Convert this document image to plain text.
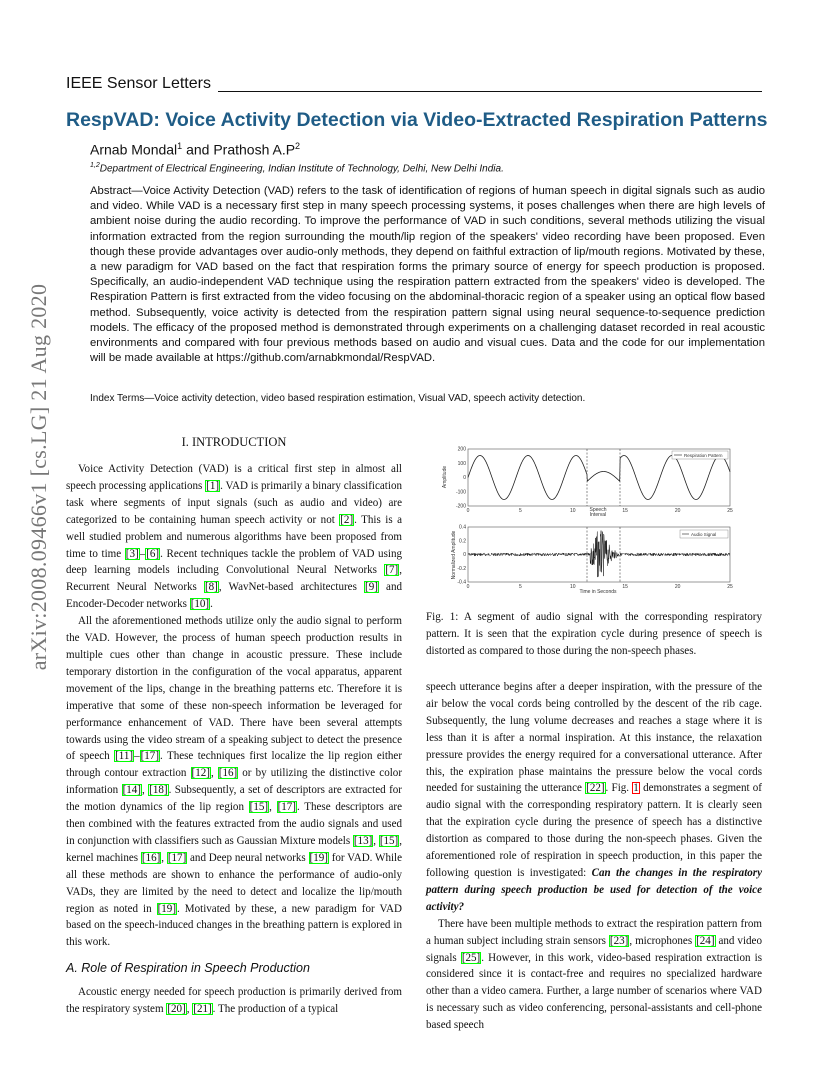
IEEE Sensor Letters
RespVAD: Voice Activity Detection via Video-Extracted Respiration Patterns
Arnab Mondal$^1$ and Prathosh $A.P^2$
$^{1,2}$Department of Electrical Engineering, Indian Institute of Technology, Delhi, New Delhi India.
Abstract—Voice Activity Detection (VAD) refers to the task of identification of regions of human speech in digital signals such as audio and video. While VAD is a necessary first step in many speech processing systems, it poses challenges when there are high levels of ambient noise during the audio recording. To improve the performance of VAD in such conditions, several methods utilizing the visual information extracted from the region surrounding the mouth/lip region of the speakers' video recording have been proposed. Even though these provide advantages over audio-only methods, they depend on faithful extraction of lip/mouth regions. Motivated by these, a new paradigm for VAD based on the fact that respiration forms the primary source of energy for speech production is proposed. Specifically, an audio-independent VAD technique using the respiration pattern extracted from the speakers' video is developed. The Respiration Pattern is first extracted from the video focusing on the abdominal-thoracic region of a speaker using an optical flow based method. Subsequently, voice activity is detected from the respiration pattern signal using neural sequence-to-sequence prediction models. The efficacy of the proposed method is demonstrated through experiments on a challenging dataset recorded in real acoustic environments and compared with four previous methods based on audio and visual cues. Data and the code for our implementation will be made available at https://github.com/arnabkmondal/RespVAD.
Index Terms—Voice activity detection, video based respiration estimation, Visual VAD, speech activity detection.
arXiv:2008.09466v1 [cs.LG] 21 Aug 2020	I. INTRODUCTION

Voice Activity Detection (VAD) is a critical first step in almost all speech processing applications [1]. VAD is primarily a binary classification task where segments of input signals (such as audio and video) are categorized to be containing human speech activity or not [2]. This is a well studied problem and numerous algorithms have been proposed from time to time [3]–[6]. Recent techniques tackle the problem of VAD using deep learning models including Convolutional Neural Networks [7], Recurrent Neural Networks [8], WavNet-based architectures [9] and Encoder-Decoder networks [10].

All the aforementioned methods utilize only the audio signal to perform the VAD. However, the process of human speech production results in multiple cues other than change in acoustic pressure. These include temporary distortion in the configuration of the vocal apparatus, apparent movement of the lips, change in the breathing patterns etc. Therefore it is imperative that some of these non-speech information be leveraged for performance enhancement of VAD. There have been several attempts towards using the video stream of a speaking subject to detect the presence of speech [11]–[17]. These techniques first localize the lip region either through contour extraction [12], [16] or by utilizing the distinctive color information [14], [18]. Subsequently, a set of descriptors are extracted for the motion dynamics of the lip region [15], [17]. These descriptors are then combined with the features extracted from the audio signals and used in conjunction with classifiers such as Gaussian Mixture models [13], [15], kernel machines [16], [17] and Deep neural networks [19] for VAD. While all these methods are shown to enhance the performance of audio-only VADs, they are limited by the need to detect and localize the lip/mouth region as noted in [19]. Motivated by these, a new paradigm for VAD based on the speech-induced changes in the breathing pattern is explored in this work.

A. Role of Respiration in Speech Production

Acoustic energy needed for speech production is primarily derived from the respiratory system [20], [21]. The production of a typical

Amplitude
200
100
0
-100
-200
0	5	10	15	20	25
Speech
Interval
Respiration Pattern
Normalized Amplitude
0.4
0.2
0
-0.2
-0.4
0	5	10	15	20	25
Time in Seconds
Audio Signal
Fig. 1: A segment of audio signal with the corresponding respiratory pattern. It is seen that the expiration cycle during presence of speech is distorted as compared to those during the non-speech phases.

speech utterance begins after a deeper inspiration, with the pressure of the air below the vocal cords being controlled by the descent of the rib cage. Subsequently, the lung volume decreases and reaches a stage where it is less than it is after a normal inspiration. At this instance, the relaxation pressure provides the energy required for a conversational utterance. After this, the expiration phase maintains the pressure below the vocal cords needed for sustaining the utterance [22]. Fig. 1 demonstrates a segment of audio signal with the corresponding respiratory pattern. It is clearly seen that the expiration cycle during the presence of speech has a distinctive distortion as compared to those during the non-speech phases. Given the aforementioned role of respiration in speech production, in this paper the following question is investigated: Can the changes in the respiratory pattern during speech production be used for detection of the voice activity?

There have been multiple methods to extract the respiration pattern from a human subject including strain sensors [23], microphones [24] and video signals [25]. However, in this work, video-based respiration extraction is considered since it is contact-free and requires no specialized hardware other than a video camera. Further, a large number of scenarios where VAD is necessary such as video conferencing, personal-assistants and cell-phone based speech
